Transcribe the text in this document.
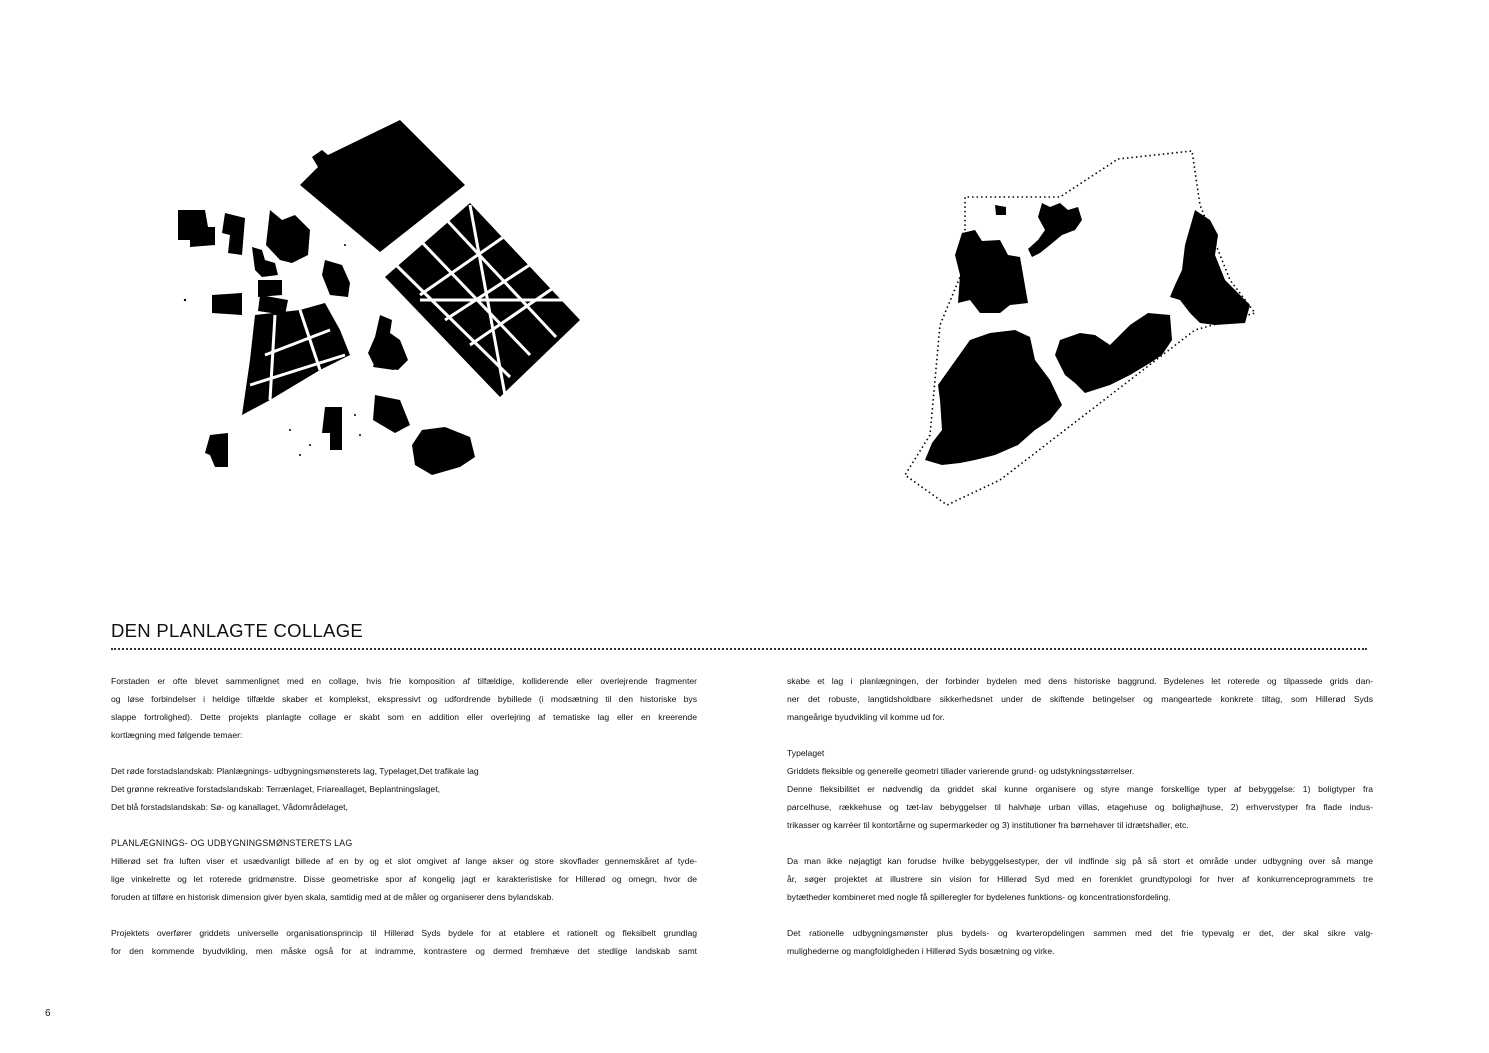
DEN PLANLAGTE COLLAGE

Forstaden er ofte blevet sammenlignet med en collage, hvis frie komposition af tilfældige, kolliderende eller overlejrende fragmenter
og løse forbindelser i heldige tilfælde skaber et komplekst, ekspressivt og udfordrende bybillede (i modsætning til den historiske bys
slappe fortrolighed). Dette projekts planlagte collage er skabt som en addition eller overlejring af tematiske lag eller en kreerende
kortlægning med følgende temaer:

Det røde forstadslandskab: Planlægnings- udbygningsmønsterets lag, Typelaget,Det trafikale lag
Det grønne rekreative forstadslandskab: Terrænlaget, Friareallaget, Beplantningslaget,
Det blå forstadslandskab: Sø- og kanallaget, Vådområdelaget,

PLANLÆGNINGS- OG UDBYGNINGSMØNSTERETS LAG
Hillerød set fra luften viser et usædvanligt billede af en by og et slot omgivet af lange akser og store skovflader gennemskåret af tyde-
lige vinkelrette og let roterede gridmønstre. Disse geometriske spor af kongelig jagt er karakteristiske for Hillerød og omegn, hvor de
foruden at tilføre en historisk dimension giver byen skala, samtidig med at de måler og organiserer dens bylandskab.

Projektets overfører griddets universelle organisationsprincip til Hillerød Syds bydele for at etablere et rationelt og fleksibelt grundlag
for den kommende byudvikling, men måske også for at indramme, kontrastere og dermed fremhæve det stedlige landskab samt

skabe et lag i planlægningen, der forbinder bydelen med dens historiske baggrund. Bydelenes let roterede og tilpassede grids dan-
ner det robuste, langtidsholdbare sikkerhedsnet under de skiftende betingelser og mangeartede konkrete tiltag, som Hillerød Syds
mangeårige byudvikling vil komme ud for.

Typelaget
Griddets fleksible og generelle geometri tillader varierende grund- og udstykningsstørrelser.
Denne fleksibilitet er nødvendig da griddet skal kunne organisere og styre mange forskellige typer af bebyggelse: 1) boligtyper fra
parcelhuse, rækkehuse og tæt-lav bebyggelser til halvhøje urban villas, etagehuse og bolighøjhuse, 2) erhvervstyper fra flade indus-
trikasser og karréer til kontortårne og supermarkeder og 3) institutioner fra børnehaver til idrætshaller, etc.

Da man ikke nøjagtigt kan forudse hvilke bebyggelsestyper, der vil indfinde sig på så stort et område under udbygning over så mange
år, søger projektet at illustrere sin vision for Hillerød Syd med en forenklet grundtypologi for hver af konkurrenceprogrammets tre
bytætheder kombineret med nogle få spilleregler for bydelenes funktions- og koncentrationsfordeling.

Det rationelle udbygningsmønster plus bydels- og kvarteropdelingen sammen med det frie typevalg er det, der skal sikre valg-
mulighederne og mangfoldigheden i Hillerød Syds bosætning og virke.

6
